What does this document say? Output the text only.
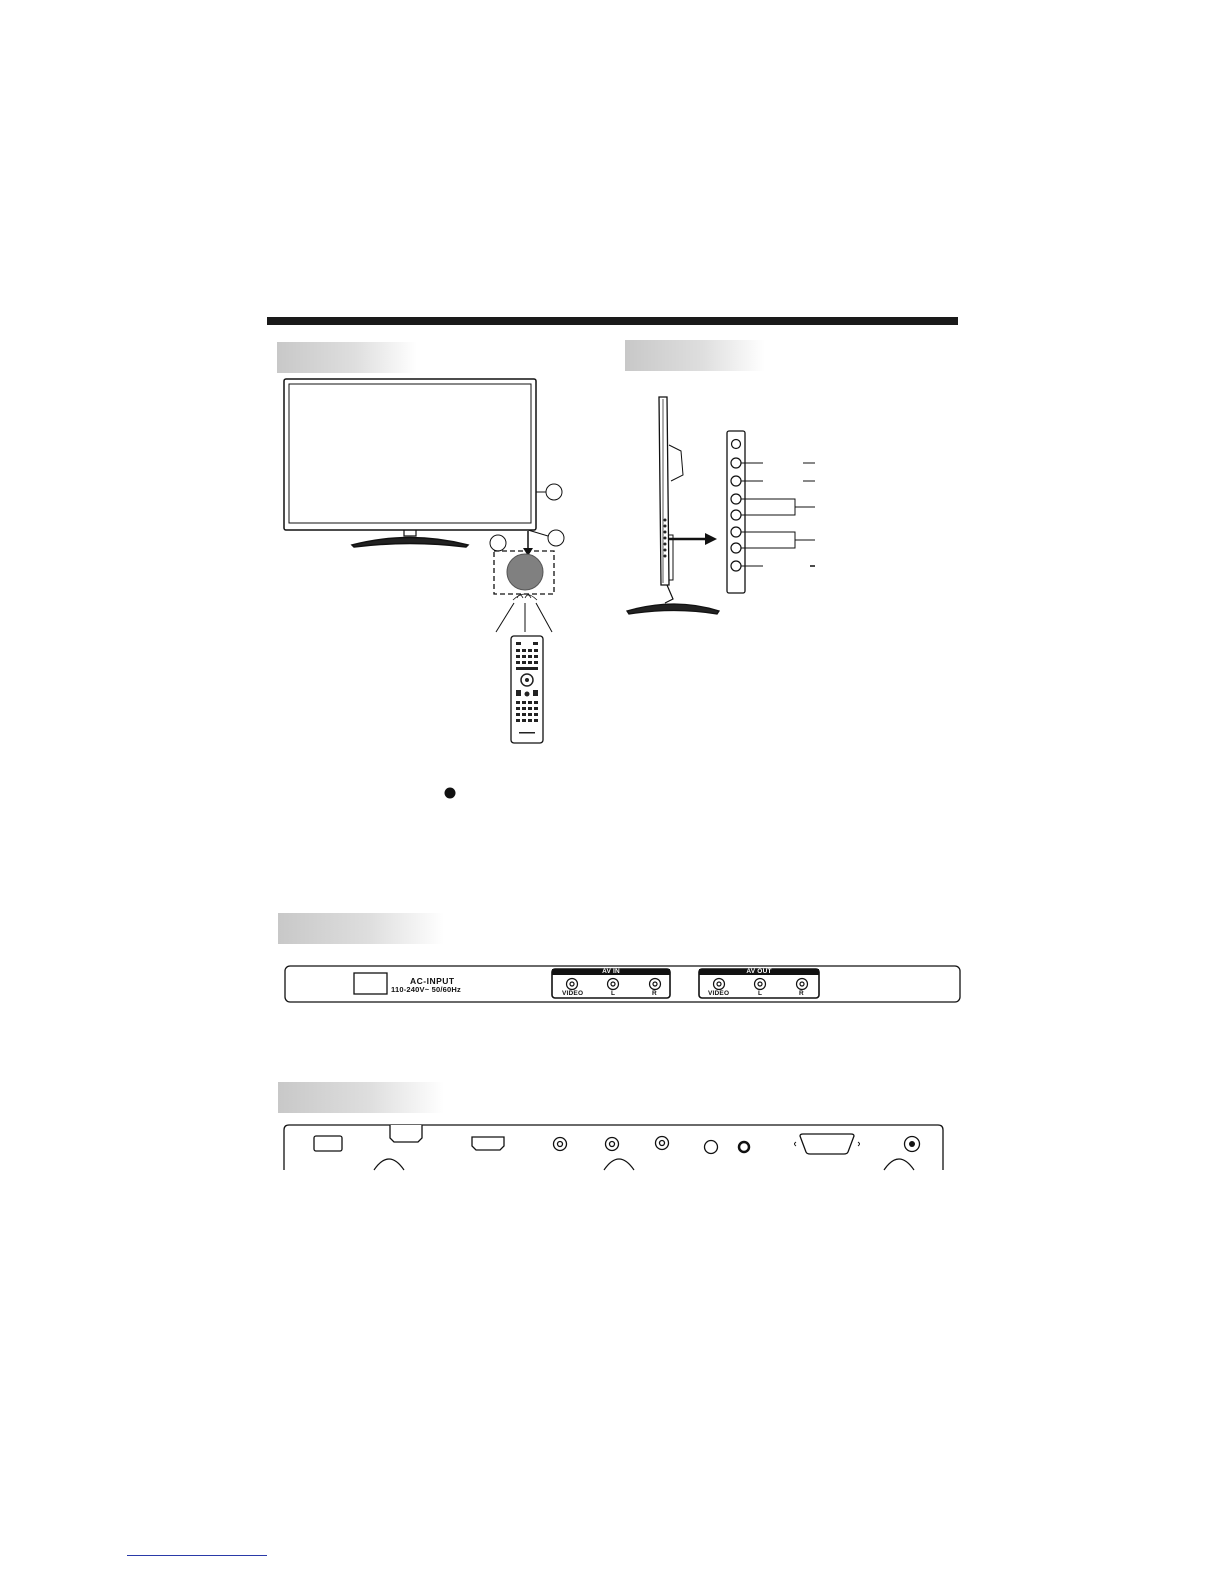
AC-INPUT
110-240V~ 50/60Hz
AV IN
VIDEO	L	R
AV OUT
VIDEO	L	R
